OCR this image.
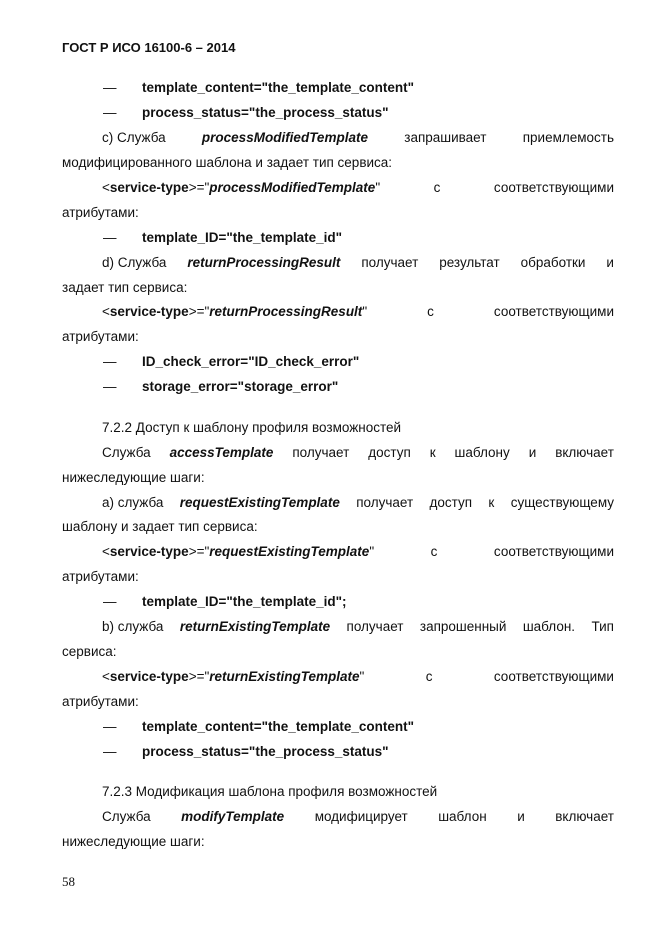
ГОСТ Р ИСО 16100-6 – 2014
— template_content="the_template_content"
— process_status="the_process_status"
c) Служба	processModifiedTemplate	запрашивает	приемлемость
модифицированного шаблона и задает тип сервиса:
<service-type>="processModifiedTemplate"	с	соответствующими
атрибутами:
— template_ID="the_template_id"
d) Служба returnProcessingResult получает результат обработки и
задает тип сервиса:
<service-type>="returnProcessingResult"	с	соответствующими
атрибутами:
— ID_check_error="ID_check_error"
— storage_error="storage_error"
7.2.2 Доступ к шаблону профиля возможностей
Служба accessTemplate получает доступ к шаблону и включает
нижеследующие шаги:
a) служба requestExistingTemplate получает доступ к существующему
шаблону и задает тип сервиса:
<service-type>="requestExistingTemplate"	с	соответствующими
атрибутами:
— template_ID="the_template_id";
b) служба returnExistingTemplate получает запрошенный шаблон. Тип
сервиса:
<service-type>="returnExistingTemplate"	с	соответствующими
атрибутами:
— template_content="the_template_content"
— process_status="the_process_status"
7.2.3 Модификация шаблона профиля возможностей
Служба modifyTemplate модифицирует шаблон и включает
нижеследующие шаги:
58
